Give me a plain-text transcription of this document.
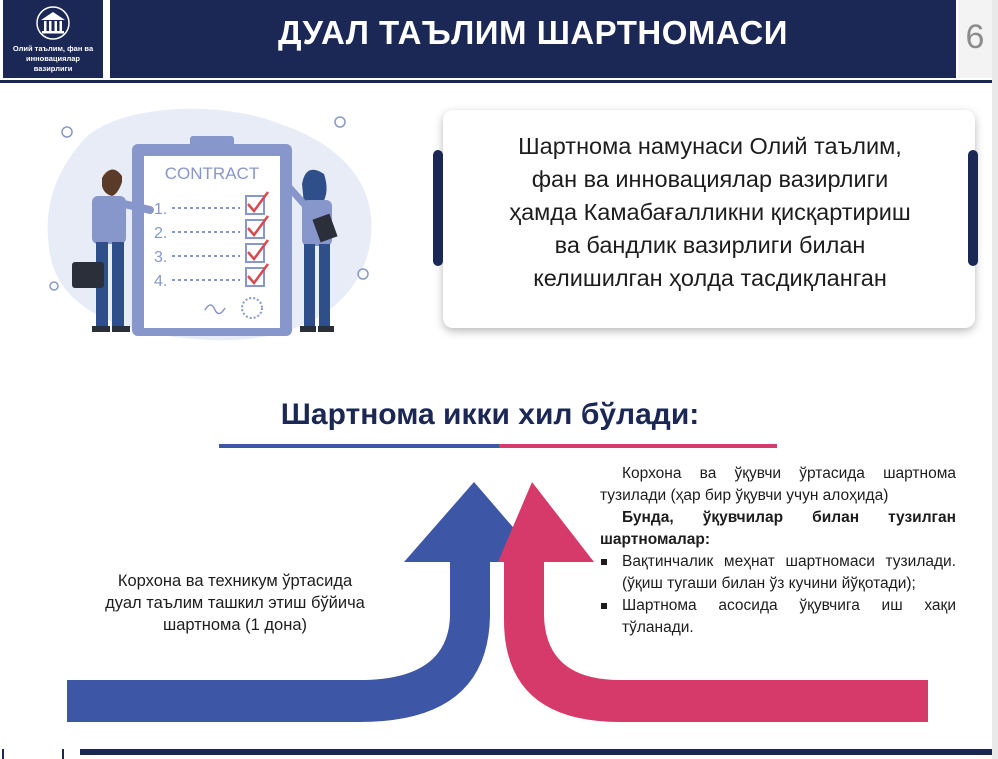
Олий таълим, фан ва
инновациялар
вазирлиги
ДУАЛ ТАЪЛИМ ШАРТНОМАСИ	6
CONTRACT
1.
2.
3.
4.
Шартнома намунаси Олий таълим,
фан ва инновациялар вазирлиги
ҳамда Камабағалликни қисқартириш
ва бандлик вазирлиги билан
келишилган ҳолда тасдиқланган
Шартнома икки хил бўлади:
Корхона ва техникум ўртасида
дуал таълим ташкил этиш бўйича
шартнома (1 дона)

Корхона ва ўқувчи ўртасида шартнома тузилади (ҳар бир ўқувчи учун алоҳида)

Бунда, ўқувчилар билан тузилган шартномалар:

Вақтинчалик меҳнат шартномаси тузилади. (ўқиш тугаши билан ўз кучини йўқотади);
Шартнома асосида ўқувчига иш хақи тўланади.
